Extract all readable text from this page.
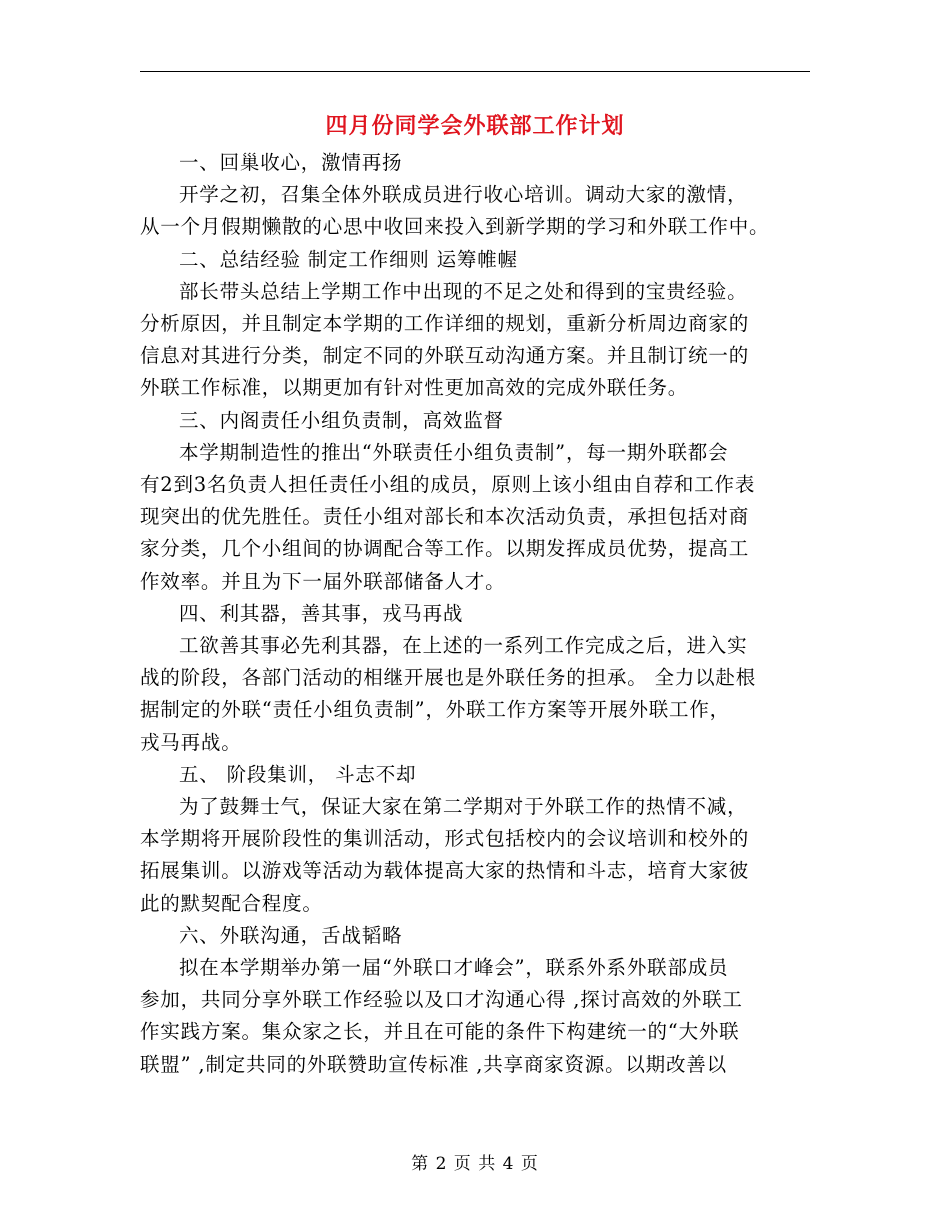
四月份同学会外联部工作计划

一、回巢收心，激情再扬

开学之初，召集全体外联成员进行收心培训。调动大家的激情，

从一个月假期懒散的心思中收回来投入到新学期的学习和外联工作中。

二、总结经验 制定工作细则 运筹帷幄

部长带头总结上学期工作中出现的不足之处和得到的宝贵经验。

分析原因，并且制定本学期的工作详细的规划，重新分析周边商家的

信息对其进行分类，制定不同的外联互动沟通方案。并且制订统一的

外联工作标准，以期更加有针对性更加高效的完成外联任务。

三、内阁责任小组负责制，高效监督

本学期制造性的推出“外联责任小组负责制”，每一期外联都会

有2到3名负责人担任责任小组的成员，原则上该小组由自荐和工作表

现突出的优先胜任。责任小组对部长和本次活动负责，承担包括对商

家分类，几个小组间的协调配合等工作。以期发挥成员优势，提高工

作效率。并且为下一届外联部储备人才。

四、利其器，善其事，戎马再战

工欲善其事必先利其器，在上述的一系列工作完成之后，进入实

战的阶段，各部门活动的相继开展也是外联任务的担承。 全力以赴根

据制定的外联“责任小组负责制”，外联工作方案等开展外联工作，

戎马再战。

五、 阶段集训， 斗志不却

为了鼓舞士气，保证大家在第二学期对于外联工作的热情不减，

本学期将开展阶段性的集训活动，形式包括校内的会议培训和校外的

拓展集训。以游戏等活动为载体提高大家的热情和斗志，培育大家彼

此的默契配合程度。

六、外联沟通，舌战韬略

拟在本学期举办第一届“外联口才峰会”，联系外系外联部成员

参加，共同分享外联工作经验以及口才沟通心得 ,探讨高效的外联工

作实践方案。集众家之长，并且在可能的条件下构建统一的“大外联

联盟” ,制定共同的外联赞助宣传标准 ,共享商家资源。以期改善以

第 2 页 共 4 页
